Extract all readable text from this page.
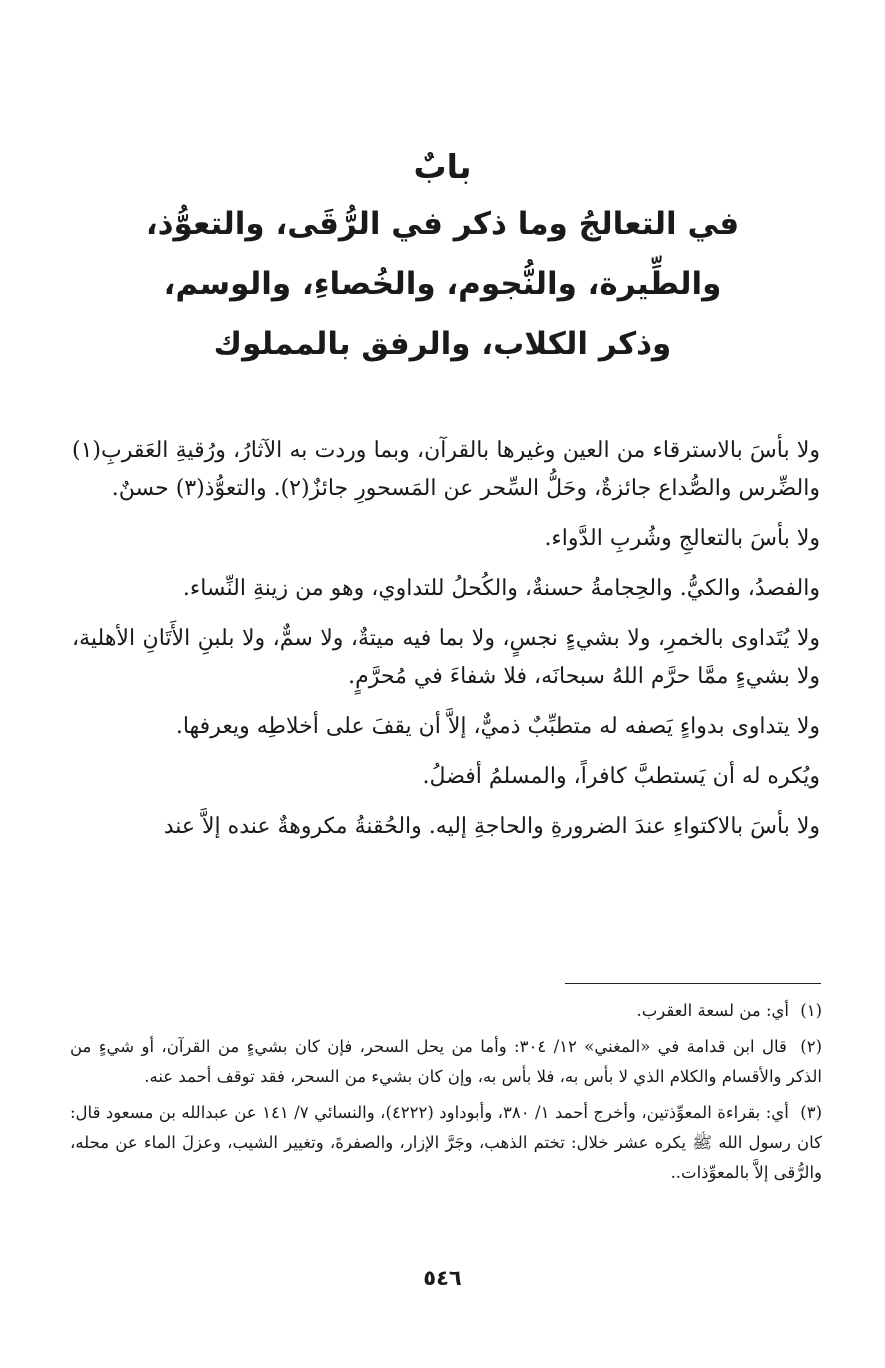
بابٌ

في التعالجُ وما ذكر في الرُّقَى، والتعوُّذ،

والطِّيرة، والنُّجوم، والخُصاءِ، والوسم،

وذكر الكلاب، والرفق بالمملوك

ولا بأسَ بالاسترقاء من العين وغيرها بالقرآن، وبما وردت به الآثارُ، ورُقيةِ العَقربِ(١) والضِّرس والصُّداع جائزةٌ، وحَلُّ السِّحر عن المَسحورِ جائزٌ(٢). والتعوُّذ(٣) حسنٌ.

ولا بأسَ بالتعالجِ وشُربِ الدَّواء.

والفصدُ، والكيُّ. والحِجامةُ حسنةٌ، والكُحلُ للتداوي، وهو من زينةِ النِّساء.

ولا يُتَداوى بالخمرِ، ولا بشيءٍ نجسٍ، ولا بما فيه ميتةٌ، ولا سمٌّ، ولا بلبنِ الأَتَانِ الأهلية، ولا بشيءٍ ممَّا حرَّم اللهُ سبحانَه، فلا شفاءَ في مُحرَّمٍ.

ولا يتداوى بدواءٍ يَصفه له متطبِّبٌ ذميٌّ، إلاَّ أن يقفَ على أخلاطِه ويعرفها.

ويُكره له أن يَستطبَّ كافراً، والمسلمُ أفضلُ.

ولا بأسَ بالاكتواءِ عندَ الضرورةِ والحاجةِ إليه. والحُقنةُ مكروهةٌ عنده إلاَّ عند

(١) أي: من لسعة العقرب.

(٢) قال ابن قدامة في «المغني» ١٢/ ٣٠٤: وأما من يحل السحر، فإن كان بشيءٍ من القرآن، أو شيءٍ من الذكر والأقسام والكلام الذي لا بأس به، فلا بأس به، وإن كان بشيء من السحر، فقد توقف أحمد عنه.

(٣) أي: بقراءة المعوِّذتين، وأخرج أحمد ١/ ٣٨٠، وأبوداود (٤٢٢٢)، والنسائي ٧/ ١٤١ عن عبدالله بن مسعود قال: كان رسول الله ﷺ يكره عشر خلال: تختم الذهب، وجَرَّ الإزار، والصفرةَ، وتغيير الشيب، وعزلَ الماء عن محله، والرُّقى إلاَّ بالمعوِّذات..

٥٤٦
